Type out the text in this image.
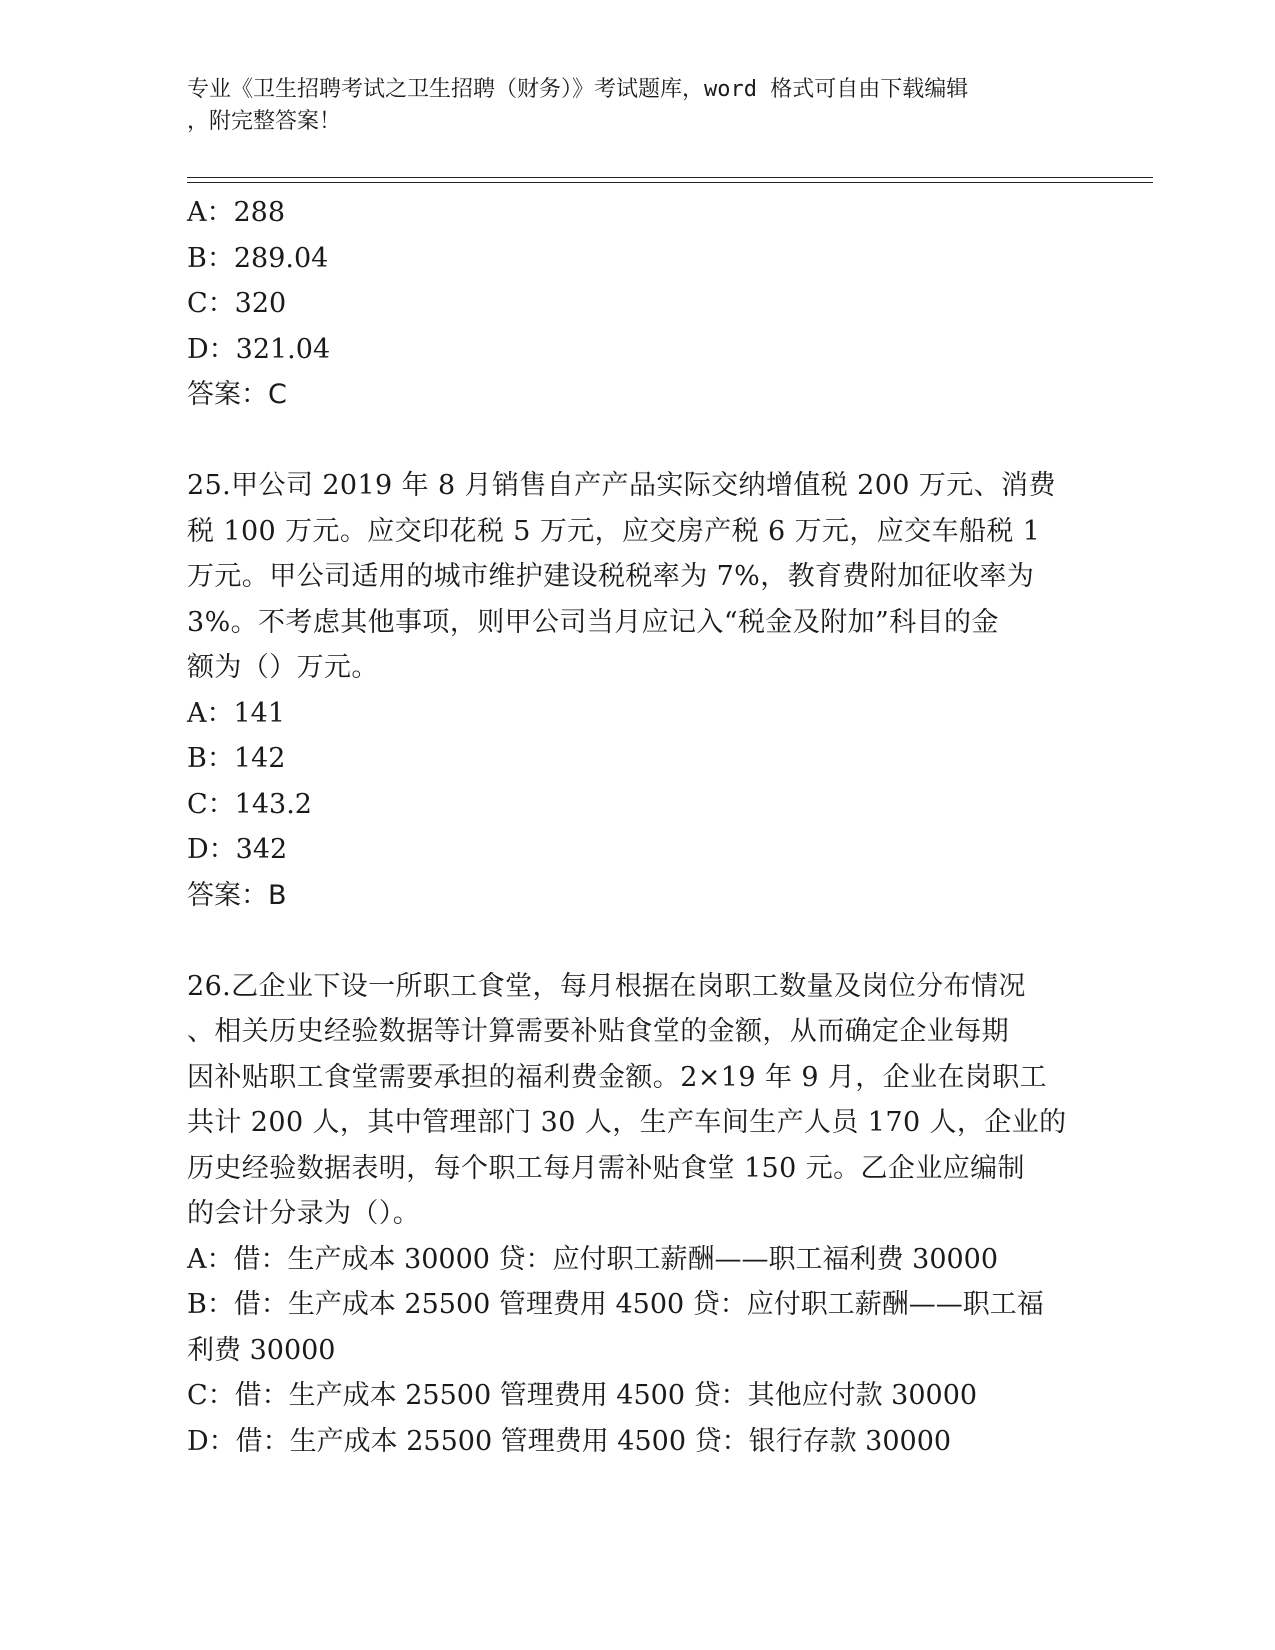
专业《卫生招聘考试之卫生招聘（财务）》考试题库，word 格式可自由下载编辑
，附完整答案！
A：288
B：289.04
C：320
D：321.04
答案：C
25.甲公司 2019 年 8 月销售自产产品实际交纳增值税 200 万元、消费
税 100 万元。应交印花税 5 万元，应交房产税 6 万元，应交车船税 1
万元。甲公司适用的城市维护建设税税率为 7%，教育费附加征收率为
3%。不考虑其他事项，则甲公司当月应记入“税金及附加”科目的金
额为（）万元。
A：141
B：142
C：143.2
D：342
答案：B
26.乙企业下设一所职工食堂，每月根据在岗职工数量及岗位分布情况
、相关历史经验数据等计算需要补贴食堂的金额，从而确定企业每期
因补贴职工食堂需要承担的福利费金额。2×19 年 9 月，企业在岗职工
共计 200 人，其中管理部门 30 人，生产车间生产人员 170 人，企业的
历史经验数据表明，每个职工每月需补贴食堂 150 元。乙企业应编制
的会计分录为（）。
A：借：生产成本 30000 贷：应付职工薪酬——职工福利费 30000
B：借：生产成本 25500 管理费用 4500 贷：应付职工薪酬——职工福
利费 30000
C：借：生产成本 25500 管理费用 4500 贷：其他应付款 30000
D：借：生产成本 25500 管理费用 4500 贷：银行存款 30000
